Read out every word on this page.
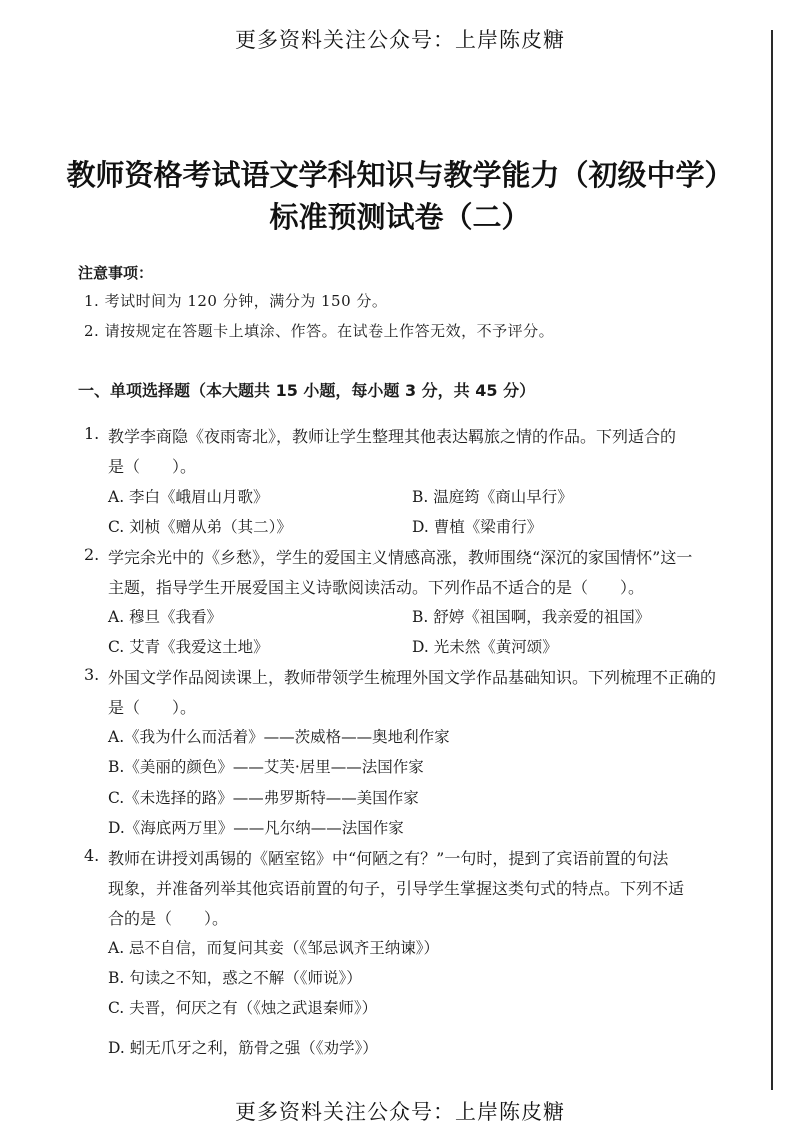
更多资料关注公众号：上岸陈皮糖
教师资格考试语文学科知识与教学能力（初级中学）
标准预测试卷（二）
注意事项：
1. 考试时间为 120 分钟，满分为 150 分。
2. 请按规定在答题卡上填涂、作答。在试卷上作答无效，不予评分。
一、单项选择题（本大题共 15 小题，每小题 3 分，共 45 分）
1. 教学李商隐《夜雨寄北》，教师让学生整理其他表达羁旅之情的作品。下列适合的
是（　　）。
A. 李白《峨眉山月歌》	B. 温庭筠《商山早行》
C. 刘桢《赠从弟（其二）》	D. 曹植《梁甫行》
2. 学完余光中的《乡愁》，学生的爱国主义情感高涨，教师围绕“深沉的家国情怀”这一
主题，指导学生开展爱国主义诗歌阅读活动。下列作品不适合的是（　　）。
A. 穆旦《我看》	B. 舒婷《祖国啊，我亲爱的祖国》
C. 艾青《我爱这土地》	D. 光未然《黄河颂》
3. 外国文学作品阅读课上，教师带领学生梳理外国文学作品基础知识。下列梳理不正确的
是（　　）。
A.《我为什么而活着》——茨威格——奥地利作家
B.《美丽的颜色》——艾芙·居里——法国作家
C.《未选择的路》——弗罗斯特——美国作家
D.《海底两万里》——凡尔纳——法国作家
4. 教师在讲授刘禹锡的《陋室铭》中“何陋之有？”一句时，提到了宾语前置的句法
现象，并准备列举其他宾语前置的句子，引导学生掌握这类句式的特点。下列不适
合的是（　　）。
A. 忌不自信，而复问其妾（《邹忌讽齐王纳谏》）
B. 句读之不知，惑之不解（《师说》）
C. 夫晋，何厌之有（《烛之武退秦师》）
D. 蚓无爪牙之利，筋骨之强（《劝学》）
更多资料关注公众号：上岸陈皮糖
